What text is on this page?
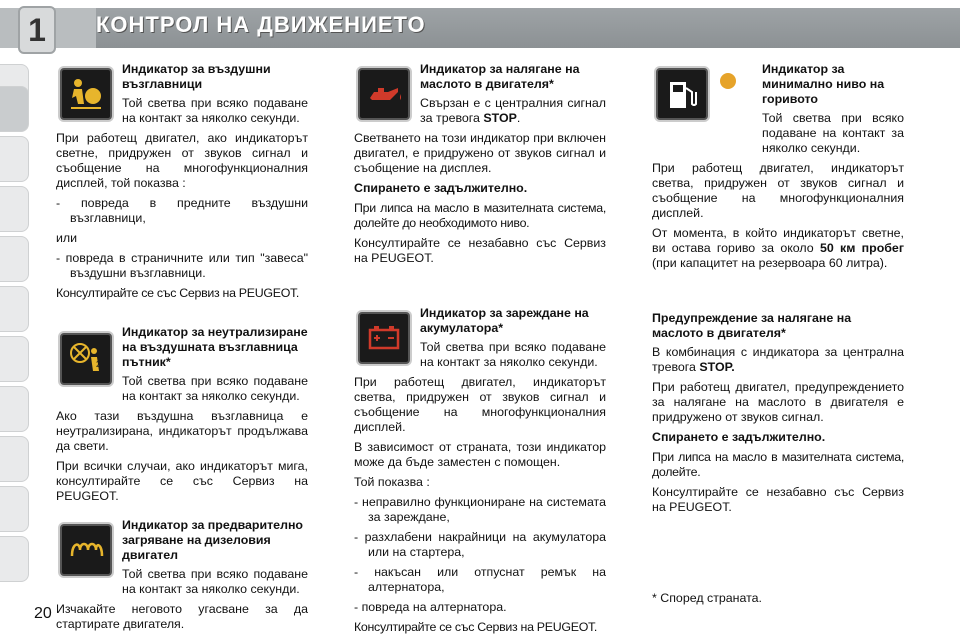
1	КОНТРОЛ НА ДВИЖЕНИЕТО
Индикатор за въздушни възглавници

Той светва при всяко подаване на контакт за няколко секунди.

При работещ двигател, ако индикаторът светне, придружен от звуков сигнал и съобщение на многофункционалния дисплей, той показва :

- повреда в предните въздушни възглавници,

или

- повреда в страничните или тип "завеса" въздушни възглавници.

Консултирайте се със Сервиз на PEUGEOT.

2
Индикатор за неутрализиране на въздушната възглавница пътник*

Той светва при всяко подаване на контакт за няколко секунди.

Ако тази въздушна възглавница е неутрализирана, индикаторът продължава да свети.

При всички случаи, ако индикаторът мига, консултирайте се със Сервиз на PEUGEOT.

Индикатор за предварително загряване на дизеловия двигател

Той светва при всяко подаване на контакт за няколко секунди.

Изчакайте неговото угасване за да стартирате двигателя.

Индикатор за налягане на маслото в двигателя*

Свързан е с централния сигнал за тревога STOP.

Светването на този индикатор при включен двигател, е придружено от звуков сигнал и съобщение на дисплея.

Спирането е задължително.

При липса на масло в мазителната система, долейте до необходимото ниво.

Консултирайте се незабавно със Сервиз на PEUGEOT.

Индикатор за зареждане на акумулатора*

Той светва при всяко подаване на контакт за няколко секунди.

При работещ двигател, индикаторът светва, придружен от звуков сигнал и съобщение на многофункционалния дисплей.

В зависимост от страната, този индикатор може да бъде заместен с помощен.

Той показва :

- неправилно функциониране на системата за зареждане,

- разхлабени накрайници на акумулатора или на стартера,

- накъсан или отпуснат ремък на алтернатора,

- повреда на алтернатора.

Консултирайте се със Сервиз на PEUGEOT.

Индикатор за минимално ниво на горивото

Той светва при всяко подаване на контакт за няколко секунди.

При работещ двигател, индикаторът светва, придружен от звуков сигнал и съобщение на многофункционалния дисплей.

От момента, в който индикаторът светне, ви остава гориво за около 50 км пробег (при капацитет на резервоара 60 литра).

Предупреждение за налягане на маслото в двигателя*

В комбинация с индикатора за централна тревога STOP.

При работещ двигател, предупреждението за налягане на маслото в двигателя е придружено от звуков сигнал.

Спирането е задължително.

При липса на масло в мазителната система, долейте.

Консултирайте се незабавно със Сервиз на PEUGEOT.

* Според страната.
20
